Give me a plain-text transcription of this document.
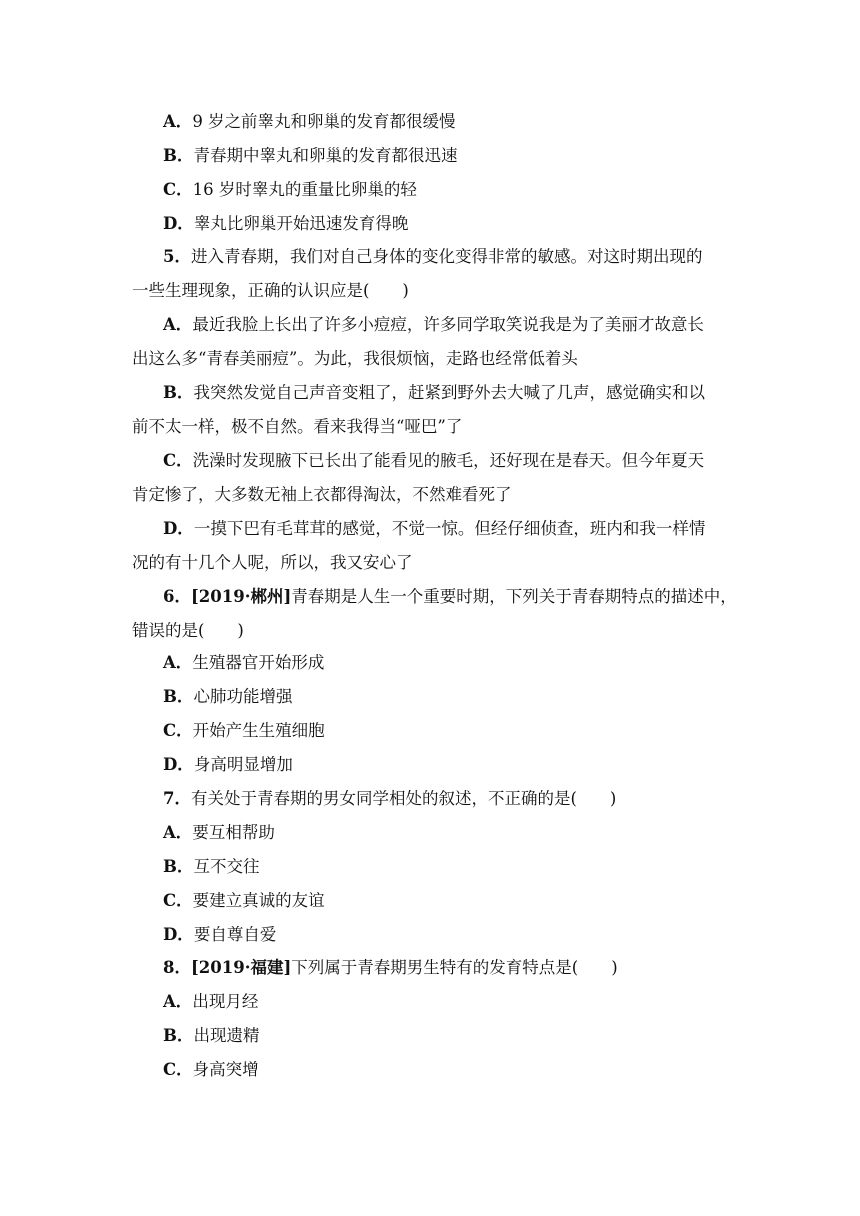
A．9 岁之前睾丸和卵巢的发育都很缓慢
B．青春期中睾丸和卵巢的发育都很迅速
C．16 岁时睾丸的重量比卵巢的轻
D．睾丸比卵巢开始迅速发育得晚
5．进入青春期，我们对自己身体的变化变得非常的敏感。对这时期出现的
一些生理现象，正确的认识应是(　　)
A．最近我脸上长出了许多小痘痘，许多同学取笑说我是为了美丽才故意长
出这么多“青春美丽痘”。为此，我很烦恼，走路也经常低着头
B．我突然发觉自己声音变粗了，赶紧到野外去大喊了几声，感觉确实和以
前不太一样，极不自然。看来我得当“哑巴”了
C．洗澡时发现腋下已长出了能看见的腋毛，还好现在是春天。但今年夏天
肯定惨了，大多数无袖上衣都得淘汰，不然难看死了
D．一摸下巴有毛茸茸的感觉，不觉一惊。但经仔细侦查，班内和我一样情
况的有十几个人呢，所以，我又安心了
6．[2019·郴州]青春期是人生一个重要时期，下列关于青春期特点的描述中，
错误的是(　　)
A．生殖器官开始形成
B．心肺功能增强
C．开始产生生殖细胞
D．身高明显增加
7．有关处于青春期的男女同学相处的叙述，不正确的是(　　)
A．要互相帮助
B．互不交往
C．要建立真诚的友谊
D．要自尊自爱
8．[2019·福建]下列属于青春期男生特有的发育特点是(　　)
A．出现月经
B．出现遗精
C．身高突增
